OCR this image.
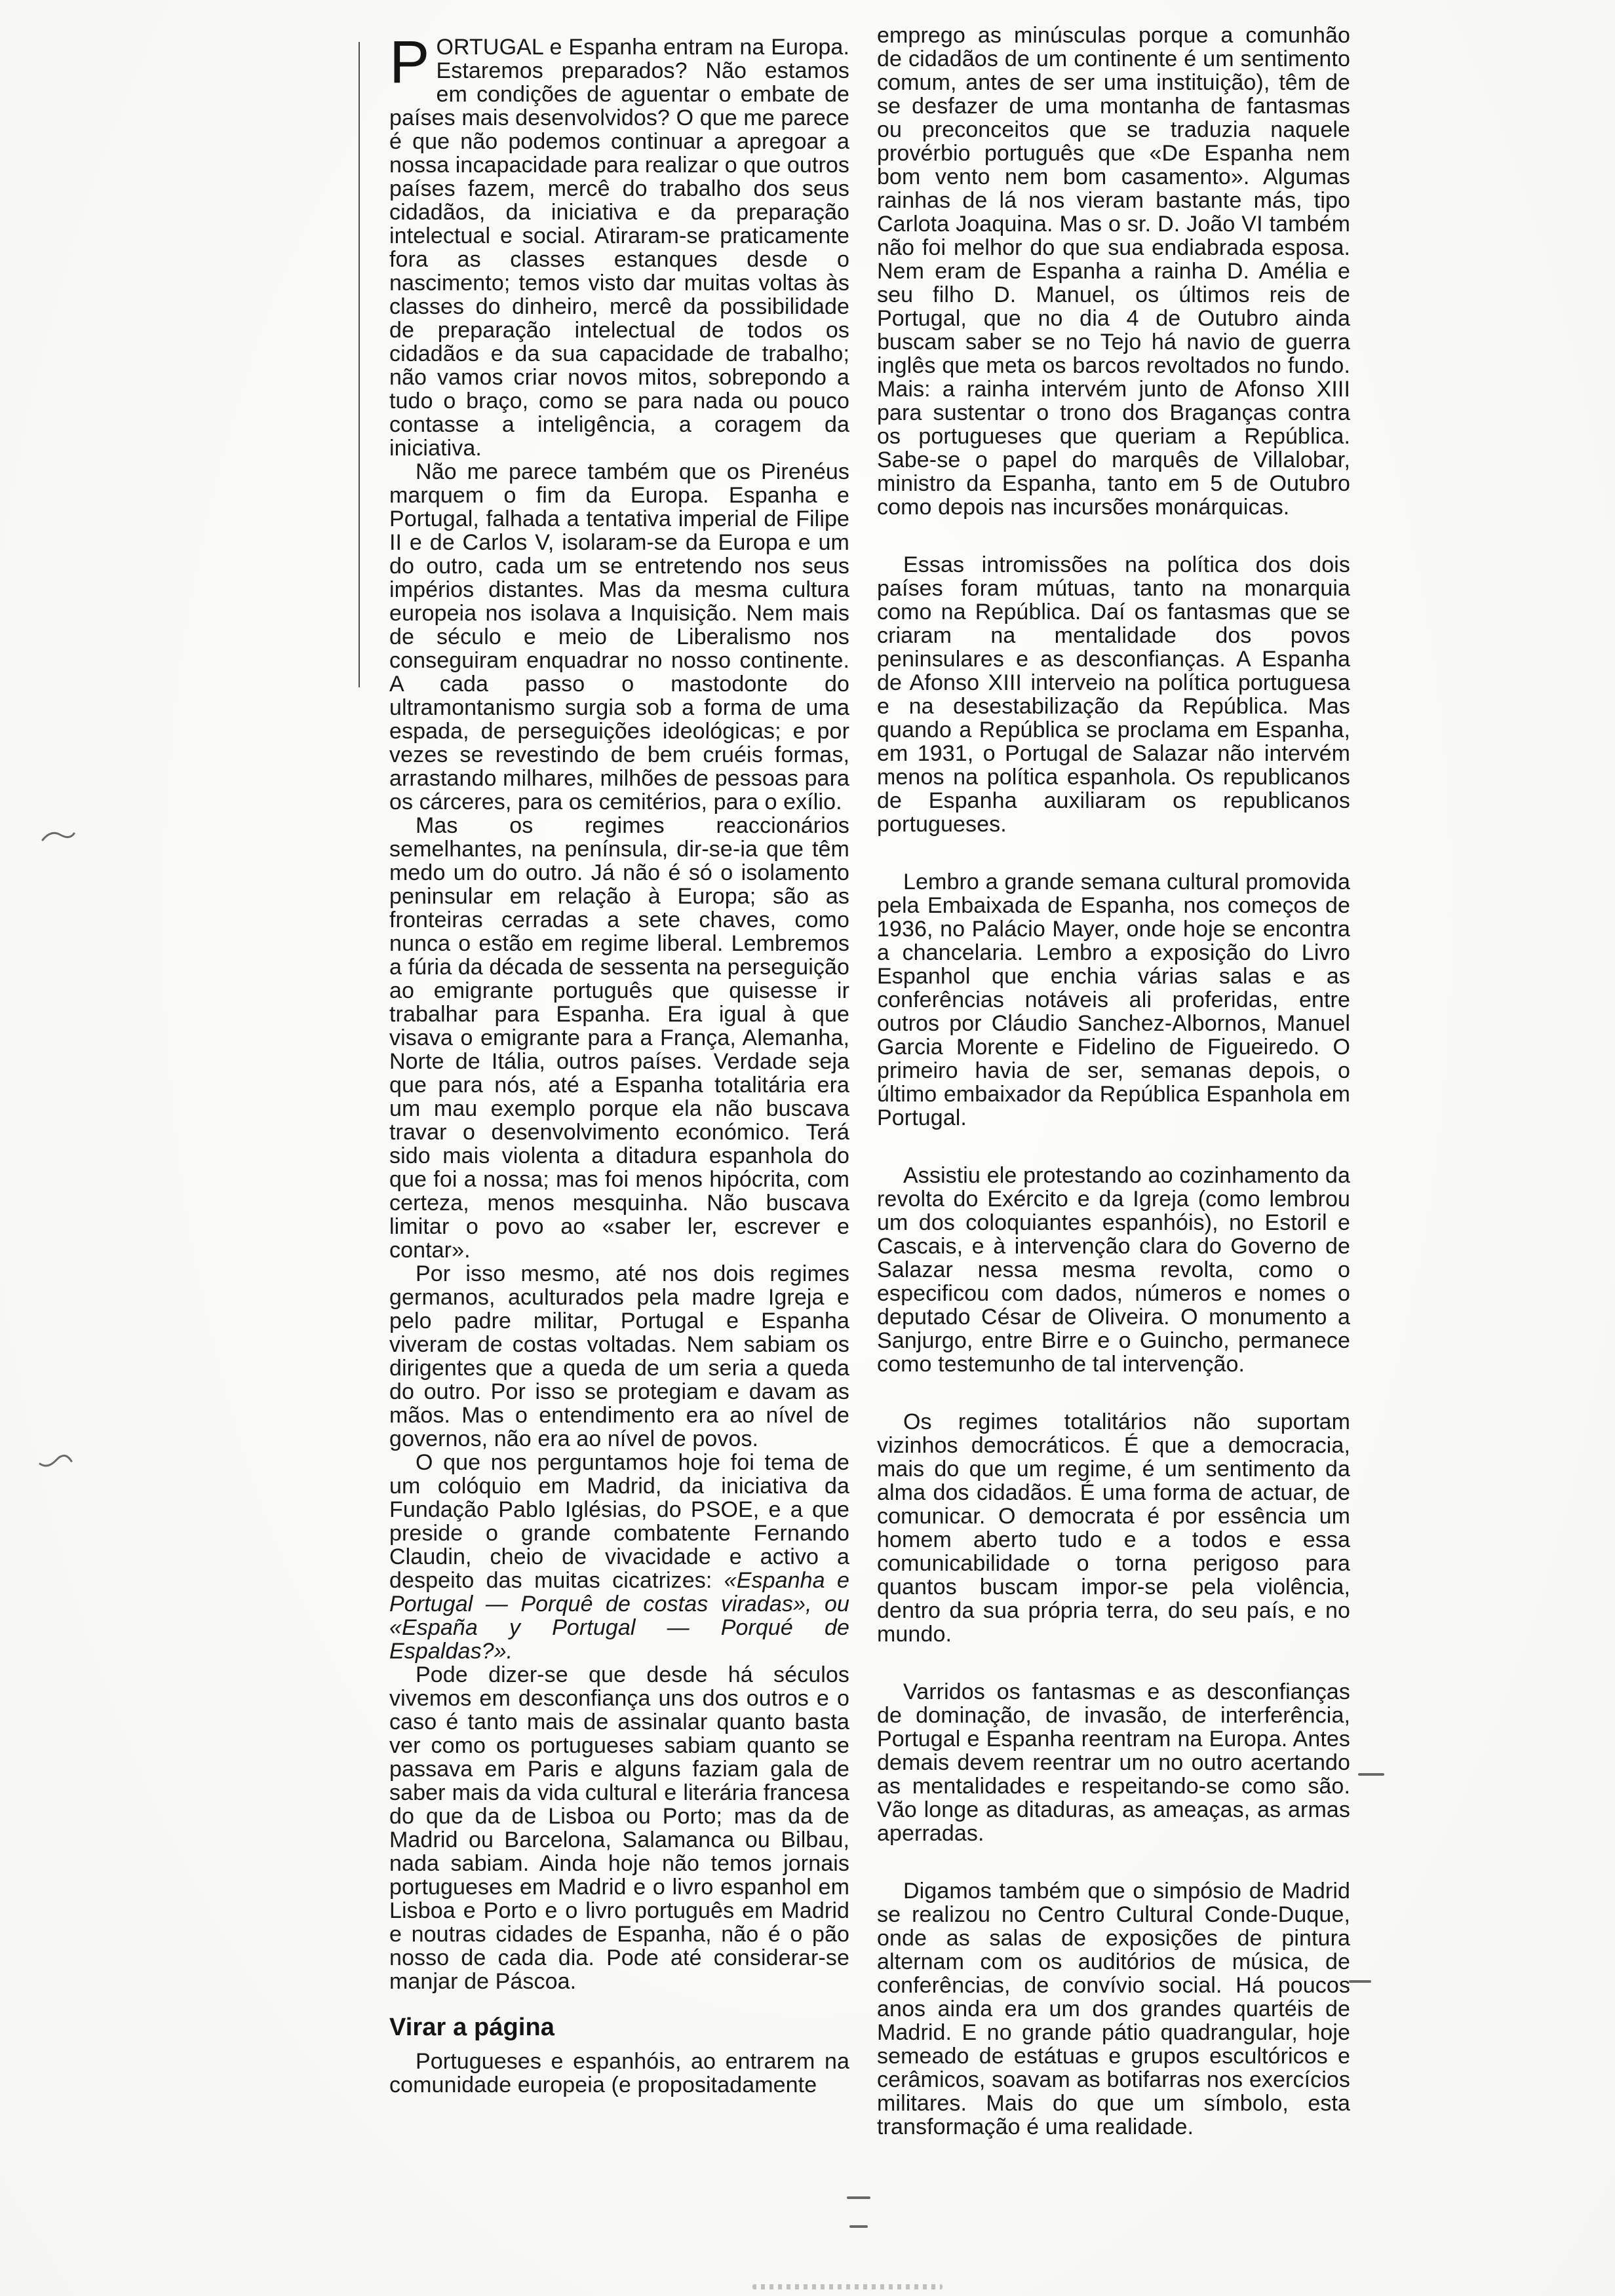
PORTUGAL e Espanha entram na Europa. Estaremos preparados? Não estamos em condições de aguentar o embate de países mais desenvolvidos? O que me parece é que não podemos continuar a apregoar a nossa incapacidade para realizar o que outros países fazem, mercê do trabalho dos seus cidadãos, da iniciativa e da preparação intelectual e social. Atiraram-se praticamente fora as classes estanques desde o nascimento; temos visto dar muitas voltas às classes do dinheiro, mercê da possibilidade de preparação intelectual de todos os cidadãos e da sua capacidade de trabalho; não vamos criar novos mitos, sobrepondo a tudo o braço, como se para nada ou pouco contasse a inteligência, a coragem da iniciativa.

Não me parece também que os Pirenéus marquem o fim da Europa. Espanha e Portugal, falhada a tentativa imperial de Filipe II e de Carlos V, isolaram-se da Europa e um do outro, cada um se entretendo nos seus impérios distantes. Mas da mesma cultura europeia nos isolava a Inquisição. Nem mais de século e meio de Liberalismo nos conseguiram enquadrar no nosso continente. A cada passo o mastodonte do ultramontanismo surgia sob a forma de uma espada, de perseguições ideológicas; e por vezes se revestindo de bem cruéis formas, arrastando milhares, milhões de pessoas para os cárceres, para os cemitérios, para o exílio.

Mas os regimes reaccionários semelhantes, na península, dir-se-ia que têm medo um do outro. Já não é só o isolamento peninsular em relação à Europa; são as fronteiras cerradas a sete chaves, como nunca o estão em regime liberal. Lembremos a fúria da década de sessenta na perseguição ao emigrante português que quisesse ir trabalhar para Espanha. Era igual à que visava o emigrante para a França, Alemanha, Norte de Itália, outros países. Verdade seja que para nós, até a Espanha totalitária era um mau exemplo porque ela não buscava travar o desenvolvimento económico. Terá sido mais violenta a ditadura espanhola do que foi a nossa; mas foi menos hipócrita, com certeza, menos mesquinha. Não buscava limitar o povo ao «saber ler, escrever e contar».

Por isso mesmo, até nos dois regimes germanos, aculturados pela madre Igreja e pelo padre militar, Portugal e Espanha viveram de costas voltadas. Nem sabiam os dirigentes que a queda de um seria a queda do outro. Por isso se protegiam e davam as mãos. Mas o entendimento era ao nível de governos, não era ao nível de povos.

O que nos perguntamos hoje foi tema de um colóquio em Madrid, da iniciativa da Fundação Pablo Iglésias, do PSOE, e a que preside o grande combatente Fernando Claudin, cheio de vivacidade e activo a despeito das muitas cicatrizes: «Espanha e Portugal — Porquê de costas viradas», ou «España y Portugal — Porqué de Espaldas?».

Pode dizer-se que desde há séculos vivemos em desconfiança uns dos outros e o caso é tanto mais de assinalar quanto basta ver como os portugueses sabiam quanto se passava em Paris e alguns faziam gala de saber mais da vida cultural e literária francesa do que da de Lisboa ou Porto; mas da de Madrid ou Barcelona, Salamanca ou Bilbau, nada sabiam. Ainda hoje não temos jornais portugueses em Madrid e o livro espanhol em Lisboa e Porto e o livro português em Madrid e noutras cidades de Espanha, não é o pão nosso de cada dia. Pode até considerar-se manjar de Páscoa.

Virar a página

Portugueses e espanhóis, ao entrarem na comunidade europeia (e propositadamente

emprego as minúsculas porque a comunhão de cidadãos de um continente é um sentimento comum, antes de ser uma instituição), têm de se desfazer de uma montanha de fantasmas ou preconceitos que se traduzia naquele provérbio português que «De Espanha nem bom vento nem bom casamento». Algumas rainhas de lá nos vieram bastante más, tipo Carlota Joaquina. Mas o sr. D. João VI também não foi melhor do que sua endiabrada esposa. Nem eram de Espanha a rainha D. Amélia e seu filho D. Manuel, os últimos reis de Portugal, que no dia 4 de Outubro ainda buscam saber se no Tejo há navio de guerra inglês que meta os barcos revoltados no fundo. Mais: a rainha intervém junto de Afonso XIII para sustentar o trono dos Braganças contra os portugueses que queriam a República. Sabe-se o papel do marquês de Villalobar, ministro da Espanha, tanto em 5 de Outubro como depois nas incursões monárquicas.

Essas intromissões na política dos dois países foram mútuas, tanto na monarquia como na República. Daí os fantasmas que se criaram na mentalidade dos povos peninsulares e as desconfianças. A Espanha de Afonso XIII interveio na política portuguesa e na desestabilização da República. Mas quando a República se proclama em Espanha, em 1931, o Portugal de Salazar não intervém menos na política espanhola. Os republicanos de Espanha auxiliaram os republicanos portugueses.

Lembro a grande semana cultural promovida pela Embaixada de Espanha, nos começos de 1936, no Palácio Mayer, onde hoje se encontra a chancelaria. Lembro a exposição do Livro Espanhol que enchia várias salas e as conferências notáveis ali proferidas, entre outros por Cláudio Sanchez-Albornos, Manuel Garcia Morente e Fidelino de Figueiredo. O primeiro havia de ser, semanas depois, o último embaixador da República Espanhola em Portugal.

Assistiu ele protestando ao cozinhamento da revolta do Exército e da Igreja (como lembrou um dos coloquiantes espanhóis), no Estoril e Cascais, e à intervenção clara do Governo de Salazar nessa mesma revolta, como o especificou com dados, números e nomes o deputado César de Oliveira. O monumento a Sanjurgo, entre Birre e o Guincho, permanece como testemunho de tal intervenção.

Os regimes totalitários não suportam vizinhos democráticos. É que a democracia, mais do que um regime, é um sentimento da alma dos cidadãos. É uma forma de actuar, de comunicar. O democrata é por essência um homem aberto tudo e a todos e essa comunicabilidade o torna perigoso para quantos buscam impor-se pela violência, dentro da sua própria terra, do seu país, e no mundo.

Varridos os fantasmas e as desconfianças de dominação, de invasão, de interferência, Portugal e Espanha reentram na Europa. Antes demais devem reentrar um no outro acertando as mentalidades e respeitando-se como são. Vão longe as ditaduras, as ameaças, as armas aperradas.

Digamos também que o simpósio de Madrid se realizou no Centro Cultural Conde-Duque, onde as salas de exposições de pintura alternam com os auditórios de música, de conferências, de convívio social. Há poucos anos ainda era um dos grandes quartéis de Madrid. E no grande pátio quadrangular, hoje semeado de estátuas e grupos escultóricos e cerâmicos, soavam as botifarras nos exercícios militares. Mais do que um símbolo, esta transformação é uma realidade.
